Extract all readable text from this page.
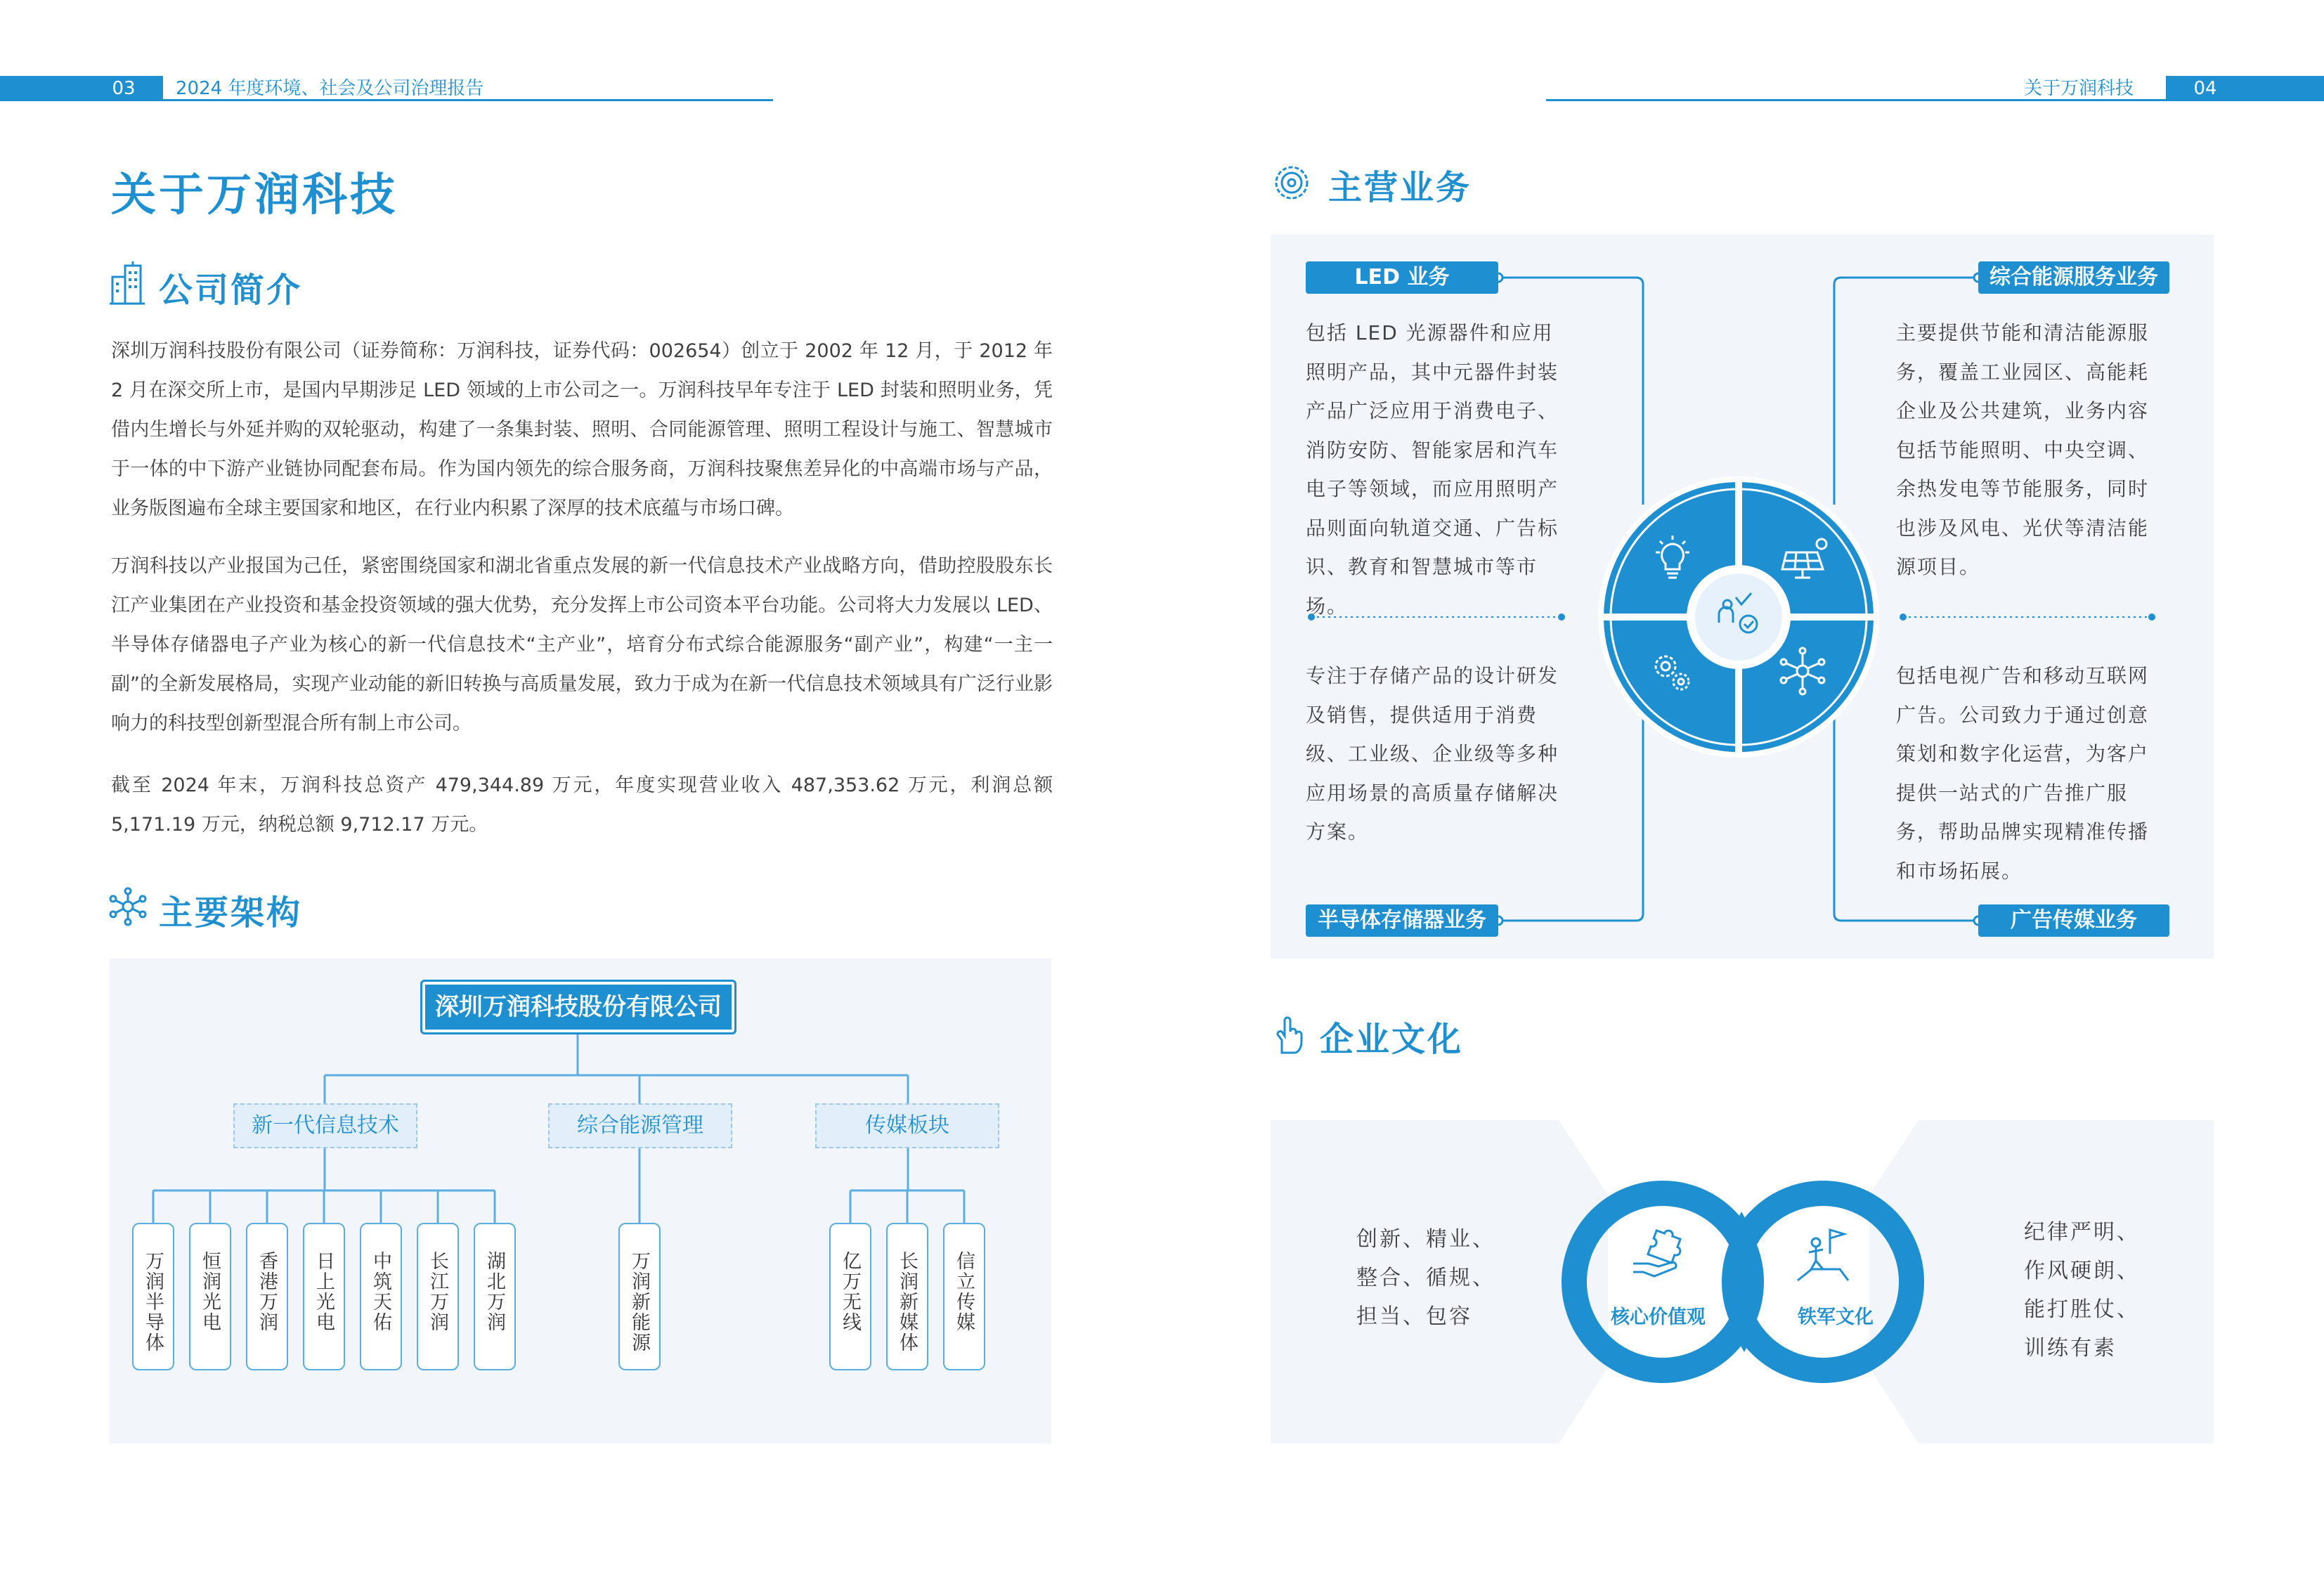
03	2024 年度环境、社会及公司治理报告	04
关于万润科技
关于万润科技
公司简介
深圳万润科技股份有限公司（证券简称：万润科技，证券代码：002654）创立于 2002 年 12 月，于 2012 年 2 月在深交所上市，是国内早期涉足 LED 领域的上市公司之一。万润科技早年专注于 LED 封装和照明业务，凭借内生增长与外延并购的双轮驱动，构建了一条集封装、照明、合同能源管理、照明工程设计与施工、智慧城市于一体的中下游产业链协同配套布局。作为国内领先的综合服务商，万润科技聚焦差异化的中高端市场与产品，业务版图遍布全球主要国家和地区，在行业内积累了深厚的技术底蕴与市场口碑。
万润科技以产业报国为己任，紧密围绕国家和湖北省重点发展的新一代信息技术产业战略方向，借助控股股东长江产业集团在产业投资和基金投资领域的强大优势，充分发挥上市公司资本平台功能。公司将大力发展以 LED、半导体存储器电子产业为核心的新一代信息技术“主产业”，培育分布式综合能源服务“副产业”，构建“一主一副”的全新发展格局，实现产业动能的新旧转换与高质量发展，致力于成为在新一代信息技术领域具有广泛行业影响力的科技型创新型混合所有制上市公司。
截至 2024 年末，万润科技总资产 479,344.89 万元，年度实现营业收入 487,353.62 万元，利润总额 5,171.19 万元，纳税总额 9,712.17 万元。
主要架构
深圳万润科技股份有限公司
新一代信息技术	综合能源管理	传媒板块
万润半导体	恒润光电	香港万润	日上光电	中筑天佑	长江万润	湖北万润	万润新能源	亿万无线	长润新媒体	信立传媒
主营业务
LED 业务	综合能源服务业务
半导体存储器业务	广告传媒业务
包括 LED 光源器件和应用照明产品，其中元器件封装产品广泛应用于消费电子、消防安防、智能家居和汽车电子等领域，而应用照明产品则面向轨道交通、广告标识、教育和智慧城市等市场。
主要提供节能和清洁能源服务，覆盖工业园区、高能耗企业及公共建筑，业务内容包括节能照明、中央空调、余热发电等节能服务，同时也涉及风电、光伏等清洁能源项目。
专注于存储产品的设计研发及销售，提供适用于消费级、工业级、企业级等多种应用场景的高质量存储解决方案。
包括电视广告和移动互联网广告。公司致力于通过创意策划和数字化运营，为客户提供一站式的广告推广服务，帮助品牌实现精准传播和市场拓展。
企业文化
核心价值观	铁军文化
创新、精业、
整合、循规、
担当、包容
纪律严明、
作风硬朗、
能打胜仗、
训练有素
